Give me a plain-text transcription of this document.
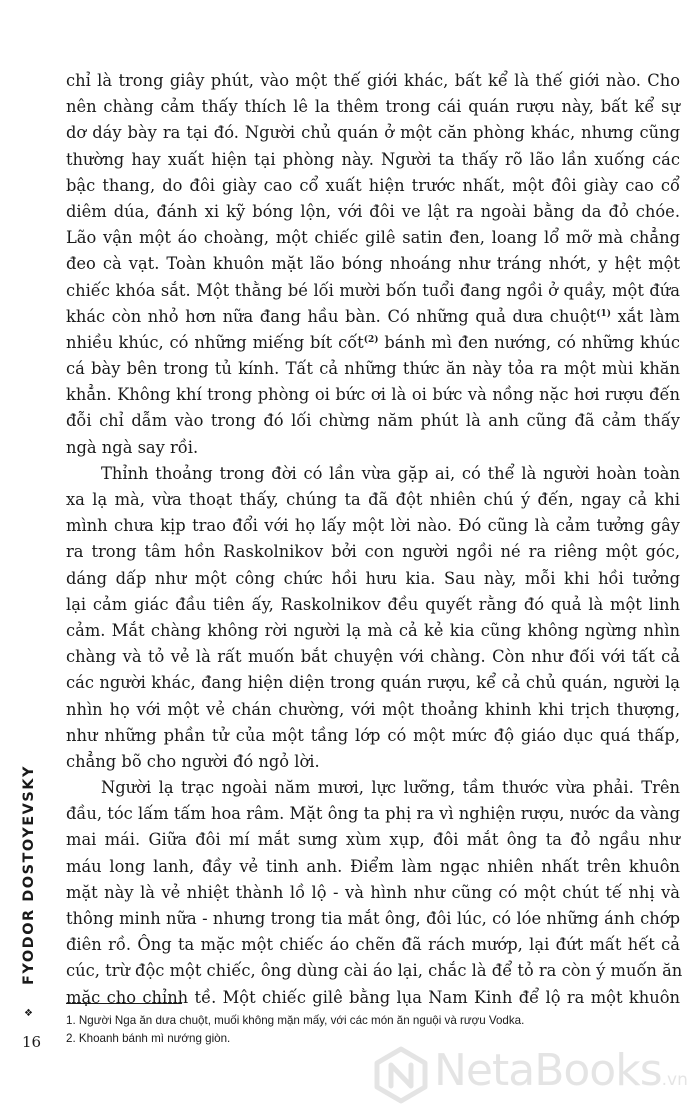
chỉ là trong giây phút, vào một thế giới khác, bất kể là thế giới nào. Cho
nên chàng cảm thấy thích lê la thêm trong cái quán rượu này, bất kể sự
dơ dáy bày ra tại đó. Người chủ quán ở một căn phòng khác, nhưng cũng
thường hay xuất hiện tại phòng này. Người ta thấy rõ lão lần xuống các
bậc thang, do đôi giày cao cổ xuất hiện trước nhất, một đôi giày cao cổ
diêm dúa, đánh xi kỹ bóng lộn, với đôi ve lật ra ngoài bằng da đỏ chóe.
Lão vận một áo choàng, một chiếc gilê satin đen, loang lổ mỡ mà chẳng
đeo cà vạt. Toàn khuôn mặt lão bóng nhoáng như tráng nhớt, y hệt một
chiếc khóa sắt. Một thằng bé lối mười bốn tuổi đang ngồi ở quầy, một đứa
khác còn nhỏ hơn nữa đang hầu bàn. Có những quả dưa chuột$^{(1)}$ xắt làm
nhiều khúc, có những miếng bít cốt$^{(2)}$ bánh mì đen nướng, có những khúc
cá bày bên trong tủ kính. Tất cả những thức ăn này tỏa ra một mùi khăn
khẳn. Không khí trong phòng oi bức ơi là oi bức và nồng nặc hơi rượu đến
đỗi chỉ dẫm vào trong đó lối chừng năm phút là anh cũng đã cảm thấy
ngà ngà say rồi.
Thỉnh thoảng trong đời có lần vừa gặp ai, có thể là người hoàn toàn
xa lạ mà, vừa thoạt thấy, chúng ta đã đột nhiên chú ý đến, ngay cả khi
mình chưa kịp trao đổi với họ lấy một lời nào. Đó cũng là cảm tưởng gây
ra trong tâm hồn Raskolnikov bởi con người ngồi né ra riêng một góc,
dáng dấp như một công chức hồi hưu kia. Sau này, mỗi khi hồi tưởng
lại cảm giác đầu tiên ấy, Raskolnikov đều quyết rằng đó quả là một linh
cảm. Mắt chàng không rời người lạ mà cả kẻ kia cũng không ngừng nhìn
chàng và tỏ vẻ là rất muốn bắt chuyện với chàng. Còn như đối với tất cả
các người khác, đang hiện diện trong quán rượu, kể cả chủ quán, người lạ
nhìn họ với một vẻ chán chường, với một thoảng khinh khi trịch thượng,
như những phần tử của một tầng lớp có một mức độ giáo dục quá thấp,
chẳng bõ cho người đó ngỏ lời.
Người lạ trạc ngoài năm mươi, lực lưỡng, tầm thước vừa phải. Trên
đầu, tóc lấm tấm hoa râm. Mặt ông ta phị ra vì nghiện rượu, nước da vàng
mai mái. Giữa đôi mí mắt sưng xùm xụp, đôi mắt ông ta đỏ ngầu như
máu long lanh, đầy vẻ tinh anh. Điểm làm ngạc nhiên nhất trên khuôn
mặt này là vẻ nhiệt thành lồ lộ - và hình như cũng có một chút tế nhị và
thông minh nữa - nhưng trong tia mắt ông, đôi lúc, có lóe những ánh chớp
điên rồ. Ông ta mặc một chiếc áo chẽn đã rách mướp, lại đứt mất hết cả
cúc, trừ độc một chiếc, ông dùng cài áo lại, chắc là để tỏ ra còn ý muốn ăn
mặc cho chỉnh tề. Một chiếc gilê bằng lụa Nam Kinh để lộ ra một khuôn
FYODOR DOSTOYEVSKY
❖
16
1. Người Nga ăn dưa chuột, muối không mặn mấy, với các món ăn nguội và rượu Vodka.
2. Khoanh bánh mì nướng giòn.
NetaBooks.vn
